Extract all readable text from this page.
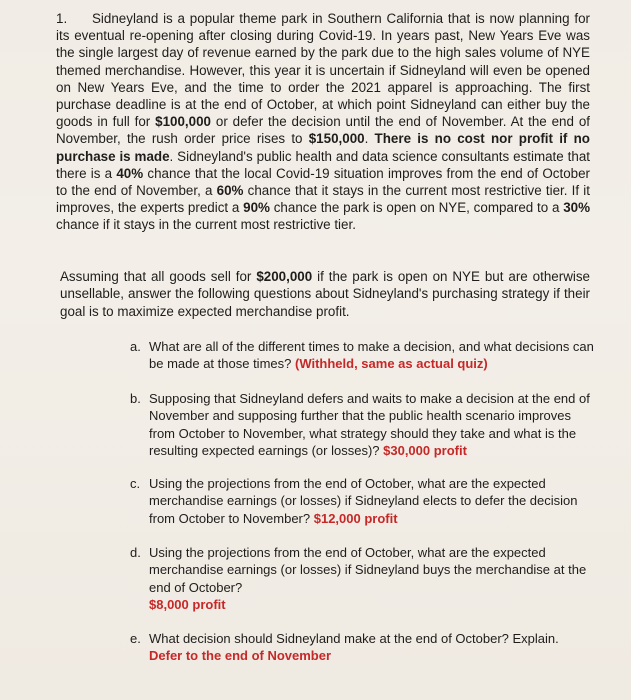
1. Sidneyland is a popular theme park in Southern California that is now planning for its eventual re-opening after closing during Covid-19. In years past, New Years Eve was the single largest day of revenue earned by the park due to the high sales volume of NYE themed merchandise. However, this year it is uncertain if Sidneyland will even be opened on New Years Eve, and the time to order the 2021 apparel is approaching. The first purchase deadline is at the end of October, at which point Sidneyland can either buy the goods in full for $100,000 or defer the decision until the end of November. At the end of November, the rush order price rises to $150,000. There is no cost nor profit if no purchase is made. Sidneyland's public health and data science consultants estimate that there is a 40% chance that the local Covid-19 situation improves from the end of October to the end of November, a 60% chance that it stays in the current most restrictive tier. If it improves, the experts predict a 90% chance the park is open on NYE, compared to a 30% chance if it stays in the current most restrictive tier.
Assuming that all goods sell for $200,000 if the park is open on NYE but are otherwise unsellable, answer the following questions about Sidneyland's purchasing strategy if their goal is to maximize expected merchandise profit.
a. What are all of the different times to make a decision, and what decisions can be made at those times? (Withheld, same as actual quiz)
b. Supposing that Sidneyland defers and waits to make a decision at the end of November and supposing further that the public health scenario improves from October to November, what strategy should they take and what is the resulting expected earnings (or losses)? $30,000 profit
c. Using the projections from the end of October, what are the expected merchandise earnings (or losses) if Sidneyland elects to defer the decision from October to November? $12,000 profit
d. Using the projections from the end of October, what are the expected merchandise earnings (or losses) if Sidneyland buys the merchandise at the end of October?
$8,000 profit
e. What decision should Sidneyland make at the end of October? Explain.
Defer to the end of November
